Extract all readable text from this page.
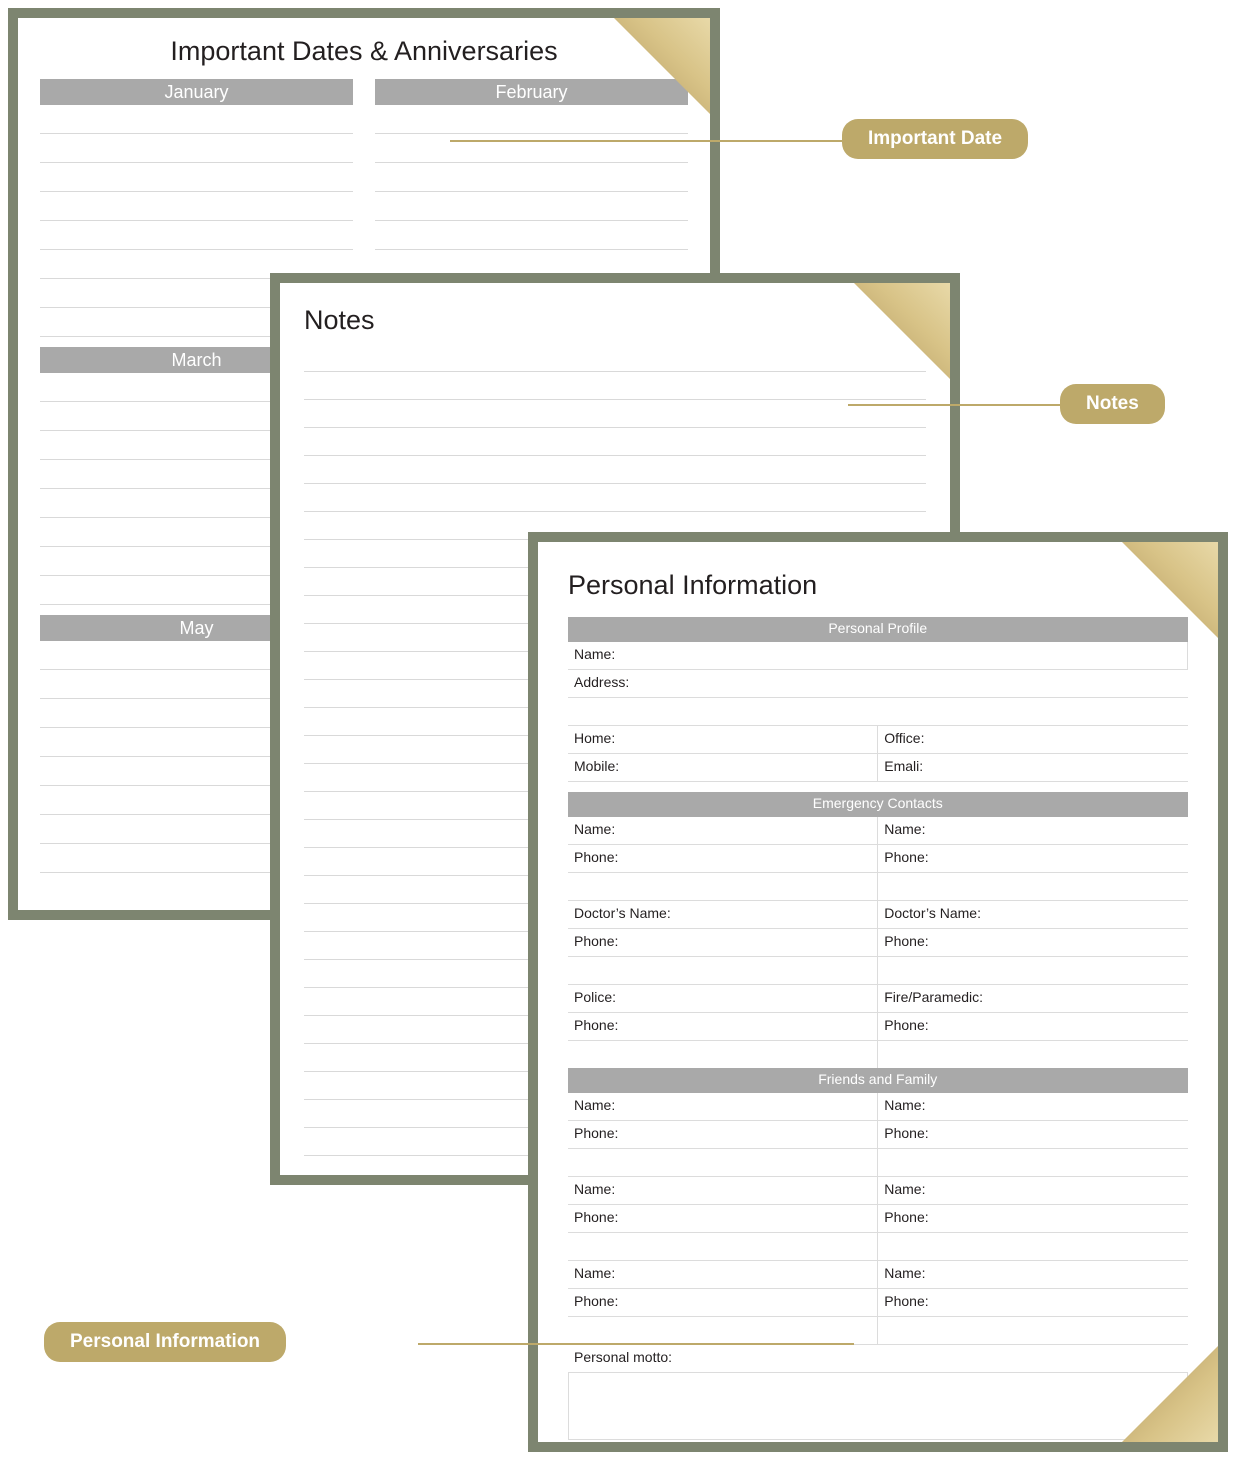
Important Dates & Anniversaries
January	February
March
May
Notes
Personal Information
Personal Profile	
Name:	
Address:	

Home:	Office:
Mobile:	Emali:

Emergency Contacts	
Name:	Name:
Phone:	Phone:

Doctor’s Name:	Doctor’s Name:
Phone:	Phone:

Police:	Fire/Paramedic:
Phone:	Phone:

Friends and Family	
Name:	Name:
Phone:	Phone:

Name:	Name:
Phone:	Phone:

Name:	Name:
Phone:	Phone:

Personal motto:	
Important Date
Notes
Personal Information
